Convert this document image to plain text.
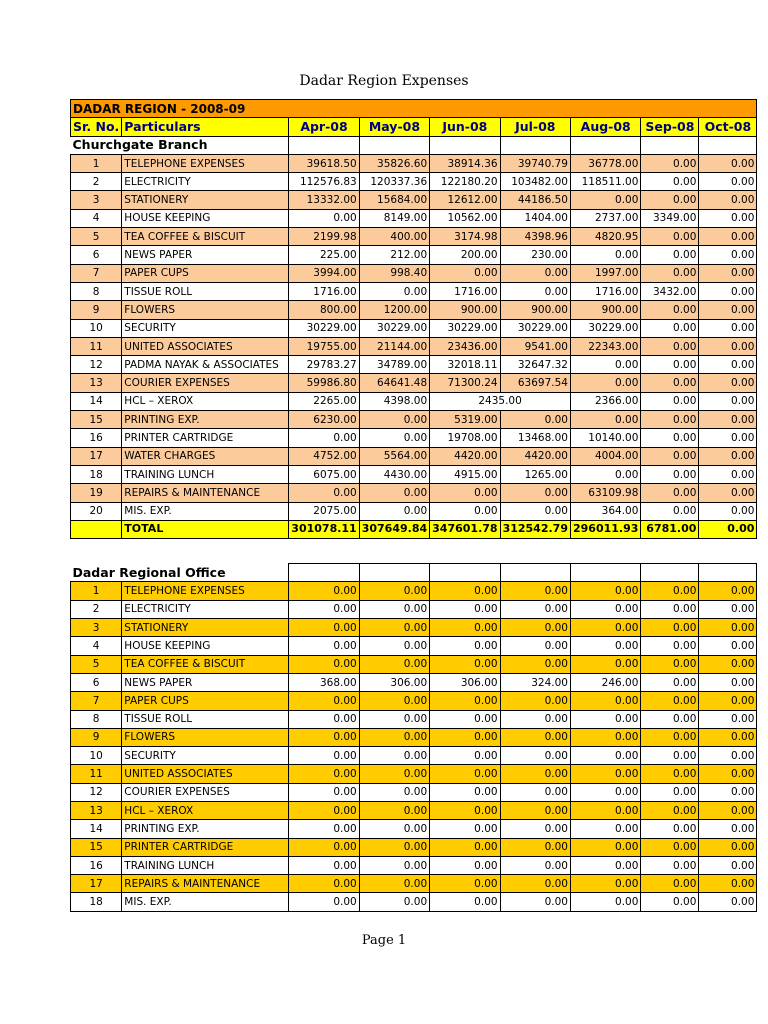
Dadar Region Expenses
DADAR REGION - 2008-09								
Sr. No.	Particulars	Apr-08	May-08	Jun-08	Jul-08	Aug-08	Sep-08	Oct-08
Churchgate Branch								
1	TELEPHONE EXPENSES	39618.50	35826.60	38914.36	39740.79	36778.00	0.00	0.00
2	ELECTRICITY	112576.83	120337.36	122180.20	103482.00	118511.00	0.00	0.00
3	STATIONERY	13332.00	15684.00	12612.00	44186.50	0.00	0.00	0.00
4	HOUSE KEEPING	0.00	8149.00	10562.00	1404.00	2737.00	3349.00	0.00
5	TEA COFFEE & BISCUIT	2199.98	400.00	3174.98	4398.96	4820.95	0.00	0.00
6	NEWS PAPER	225.00	212.00	200.00	230.00	0.00	0.00	0.00
7	PAPER CUPS	3994.00	998.40	0.00	0.00	1997.00	0.00	0.00
8	TISSUE ROLL	1716.00	0.00	1716.00	0.00	1716.00	3432.00	0.00
9	FLOWERS	800.00	1200.00	900.00	900.00	900.00	0.00	0.00
10	SECURITY	30229.00	30229.00	30229.00	30229.00	30229.00	0.00	0.00
11	UNITED ASSOCIATES	19755.00	21144.00	23436.00	9541.00	22343.00	0.00	0.00
12	PADMA NAYAK & ASSOCIATES	29783.27	34789.00	32018.11	32647.32	0.00	0.00	0.00
13	COURIER EXPENSES	59986.80	64641.48	71300.24	63697.54	0.00	0.00	0.00
14	HCL – XEROX	2265.00	4398.00	2435.00		2366.00	0.00	0.00
15	PRINTING EXP.	6230.00	0.00	5319.00	0.00	0.00	0.00	0.00
16	PRINTER CARTRIDGE	0.00	0.00	19708.00	13468.00	10140.00	0.00	0.00
17	WATER CHARGES	4752.00	5564.00	4420.00	4420.00	4004.00	0.00	0.00
18	TRAINING LUNCH	6075.00	4430.00	4915.00	1265.00	0.00	0.00	0.00
19	REPAIRS & MAINTENANCE	0.00	0.00	0.00	0.00	63109.98	0.00	0.00
20	MIS. EXP.	2075.00	0.00	0.00	0.00	364.00	0.00	0.00
	TOTAL	301078.11	307649.84	347601.78	312542.79	296011.93	6781.00	0.00

Dadar Regional Office								
1	TELEPHONE EXPENSES	0.00	0.00	0.00	0.00	0.00	0.00	0.00
2	ELECTRICITY	0.00	0.00	0.00	0.00	0.00	0.00	0.00
3	STATIONERY	0.00	0.00	0.00	0.00	0.00	0.00	0.00
4	HOUSE KEEPING	0.00	0.00	0.00	0.00	0.00	0.00	0.00
5	TEA COFFEE & BISCUIT	0.00	0.00	0.00	0.00	0.00	0.00	0.00
6	NEWS PAPER	368.00	306.00	306.00	324.00	246.00	0.00	0.00
7	PAPER CUPS	0.00	0.00	0.00	0.00	0.00	0.00	0.00
8	TISSUE ROLL	0.00	0.00	0.00	0.00	0.00	0.00	0.00
9	FLOWERS	0.00	0.00	0.00	0.00	0.00	0.00	0.00
10	SECURITY	0.00	0.00	0.00	0.00	0.00	0.00	0.00
11	UNITED ASSOCIATES	0.00	0.00	0.00	0.00	0.00	0.00	0.00
12	COURIER EXPENSES	0.00	0.00	0.00	0.00	0.00	0.00	0.00
13	HCL – XEROX	0.00	0.00	0.00	0.00	0.00	0.00	0.00
14	PRINTING EXP.	0.00	0.00	0.00	0.00	0.00	0.00	0.00
15	PRINTER CARTRIDGE	0.00	0.00	0.00	0.00	0.00	0.00	0.00
16	TRAINING LUNCH	0.00	0.00	0.00	0.00	0.00	0.00	0.00
17	REPAIRS & MAINTENANCE	0.00	0.00	0.00	0.00	0.00	0.00	0.00
18	MIS. EXP.	0.00	0.00	0.00	0.00	0.00	0.00	0.00
Page 1
